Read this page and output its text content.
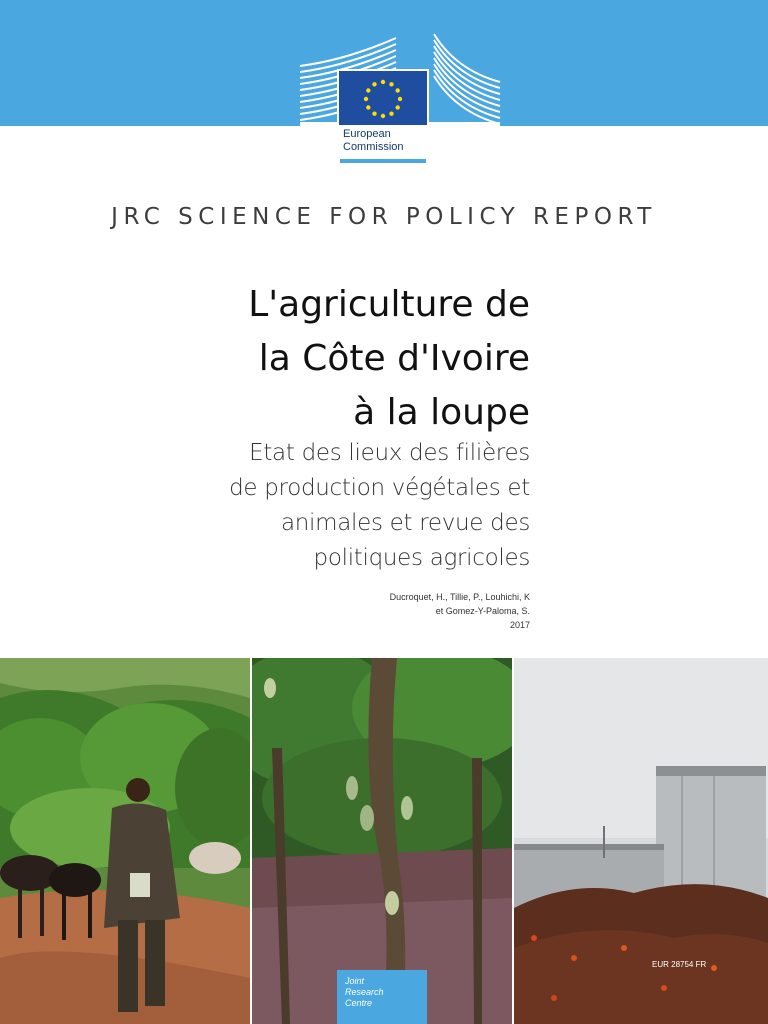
European
Commission
JRC SCIENCE FOR POLICY REPORT
L'agriculture de
la Côte d'Ivoire
à la loupe
Etat des lieux des filières
de production végétales et
animales et revue des
politiques agricoles
Ducroquet, H., Tillie, P., Louhichi, K
et Gomez-Y-Paloma, S.
2017
Joint
Research
Centre
EUR 28754 FR
